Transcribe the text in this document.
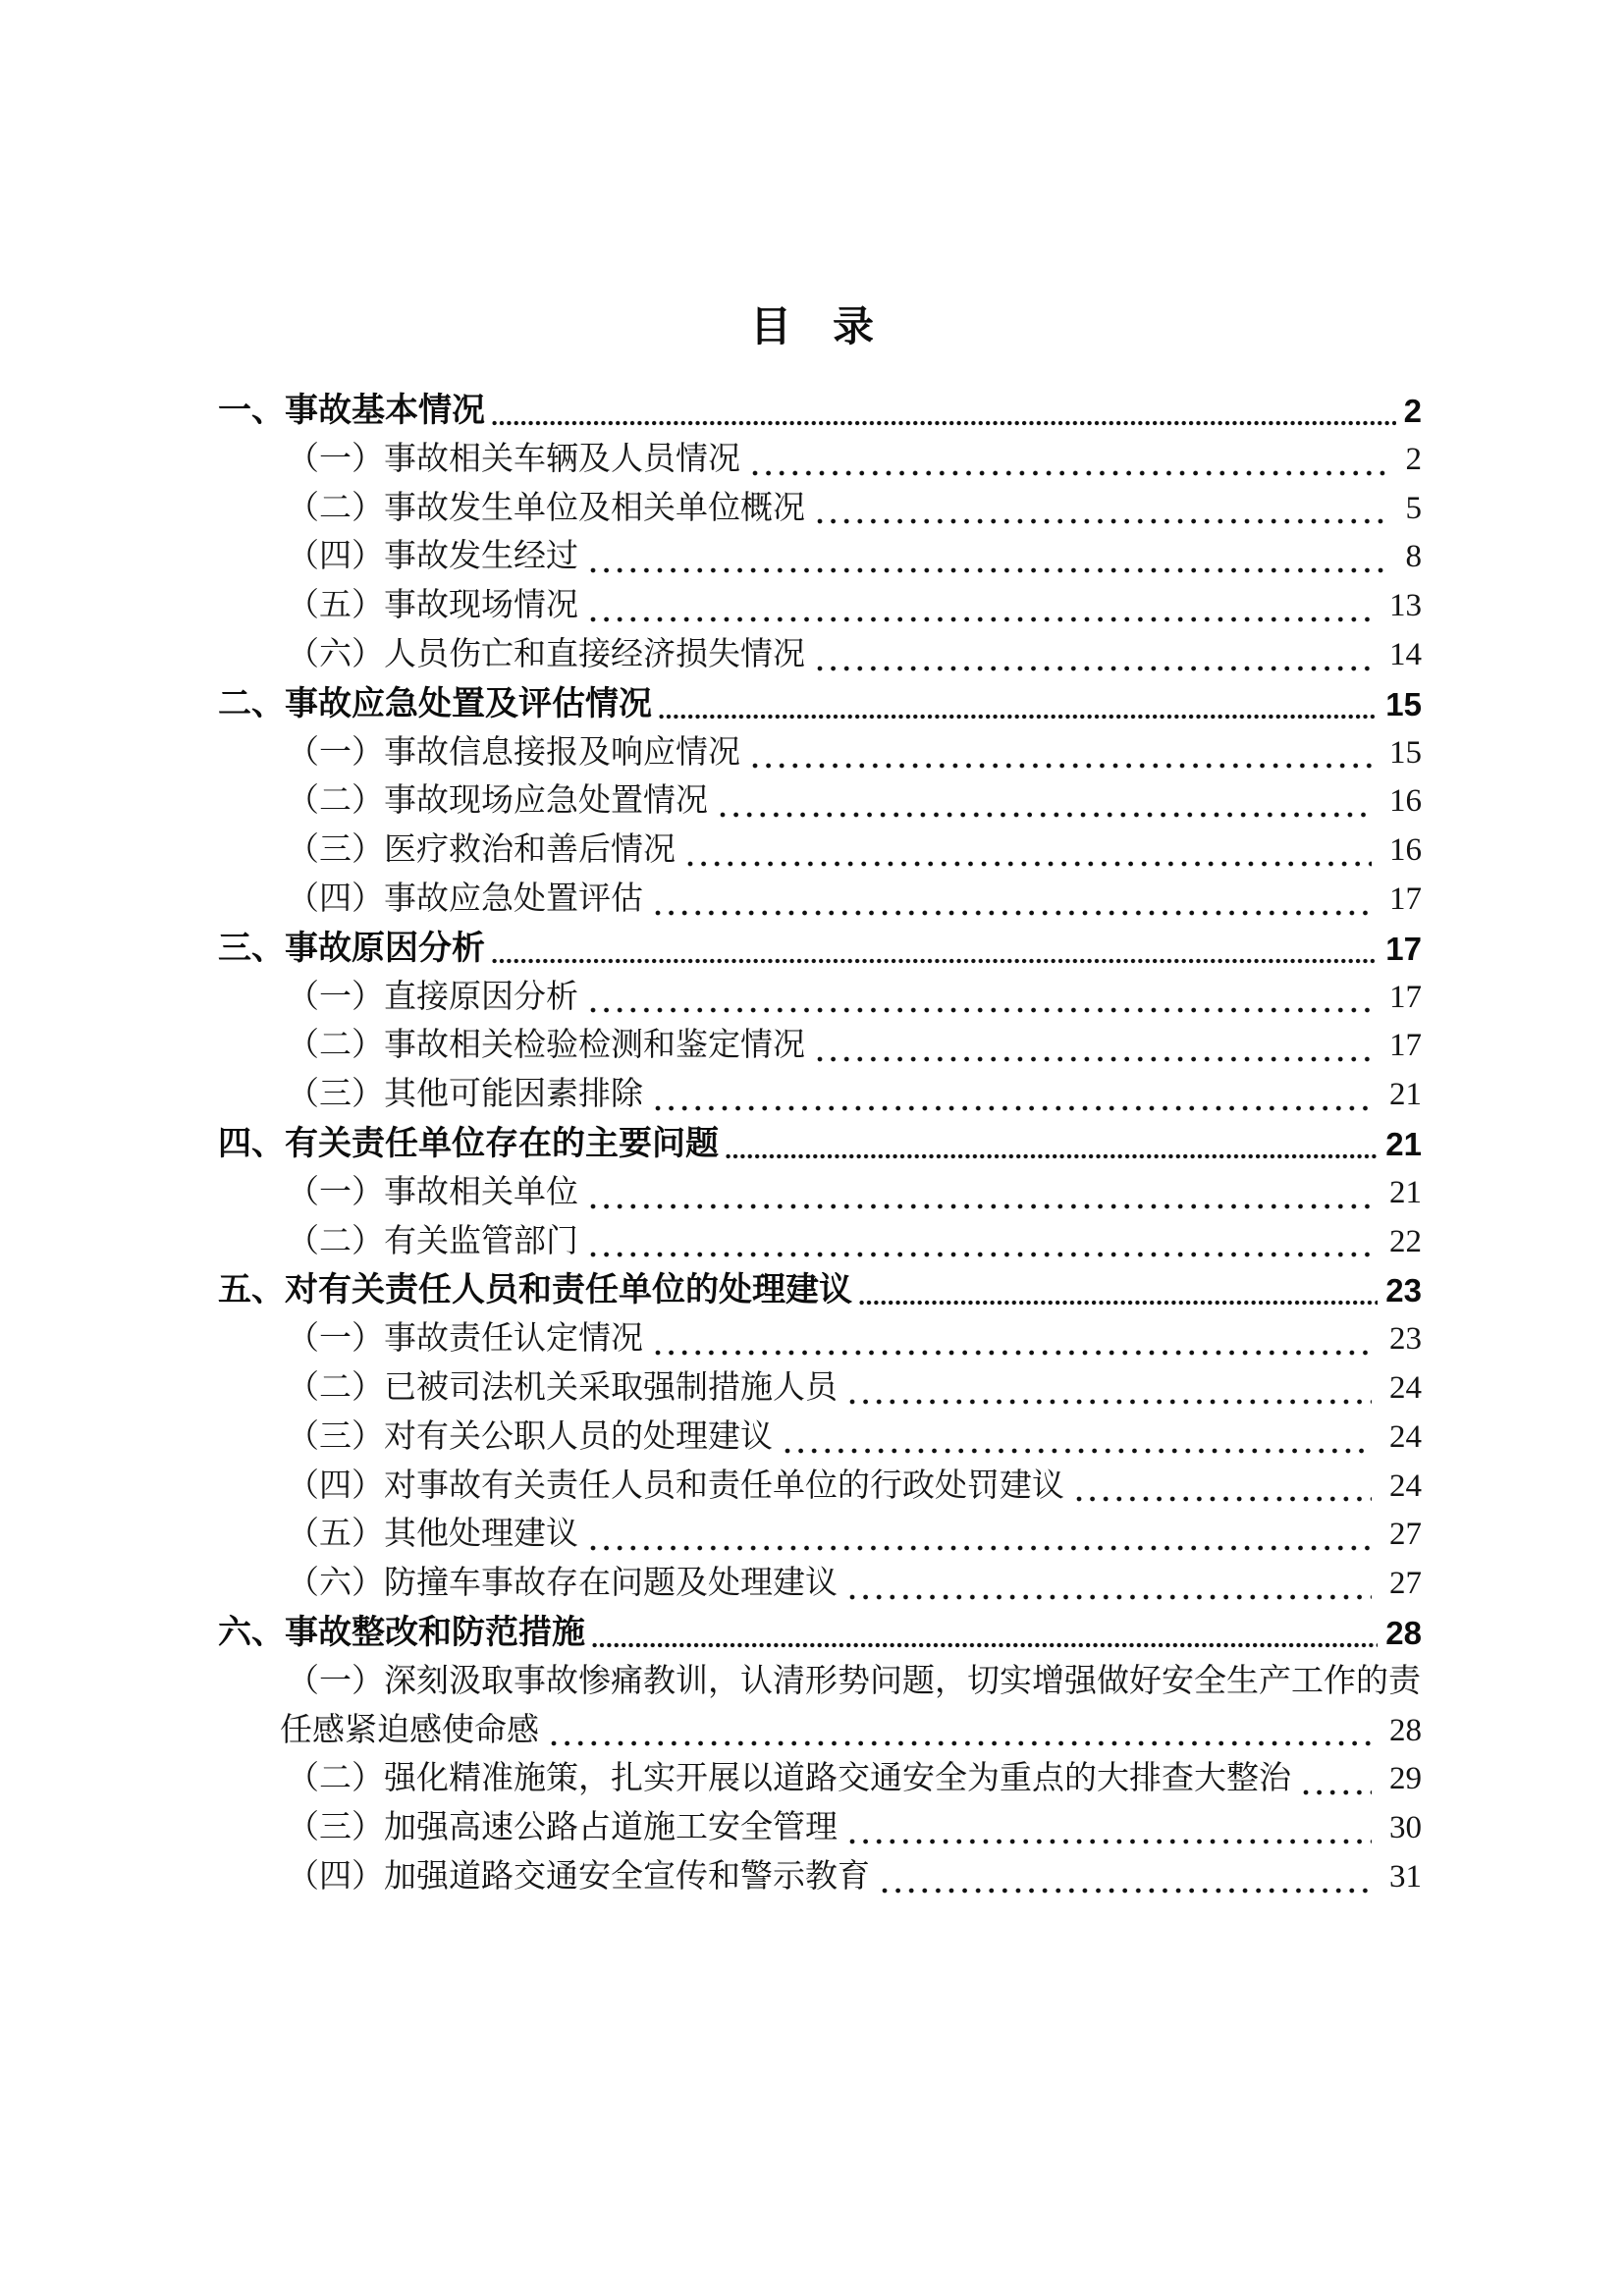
目　录
一、事故基本情况	2
（一）事故相关车辆及人员情况	2
（二）事故发生单位及相关单位概况	5
（四）事故发生经过	8
（五）事故现场情况	13
（六）人员伤亡和直接经济损失情况	14
二、事故应急处置及评估情况	15
（一）事故信息接报及响应情况	15
（二）事故现场应急处置情况	16
（三）医疗救治和善后情况	16
（四）事故应急处置评估	17
三、事故原因分析	17
（一）直接原因分析	17
（二）事故相关检验检测和鉴定情况	17
（三）其他可能因素排除	21
四、有关责任单位存在的主要问题	21
（一）事故相关单位	21
（二）有关监管部门	22
五、对有关责任人员和责任单位的处理建议	23
（一）事故责任认定情况	23
（二）已被司法机关采取强制措施人员	24
（三）对有关公职人员的处理建议	24
（四）对事故有关责任人员和责任单位的行政处罚建议	24
（五）其他处理建议	27
（六）防撞车事故存在问题及处理建议	27
六、事故整改和防范措施	28
（一）深刻汲取事故惨痛教训，认清形势问题，切实增强做好安全生产工作的责
任感紧迫感使命感	28
（二）强化精准施策，扎实开展以道路交通安全为重点的大排查大整治	29
（三）加强高速公路占道施工安全管理	30
（四）加强道路交通安全宣传和警示教育	31
